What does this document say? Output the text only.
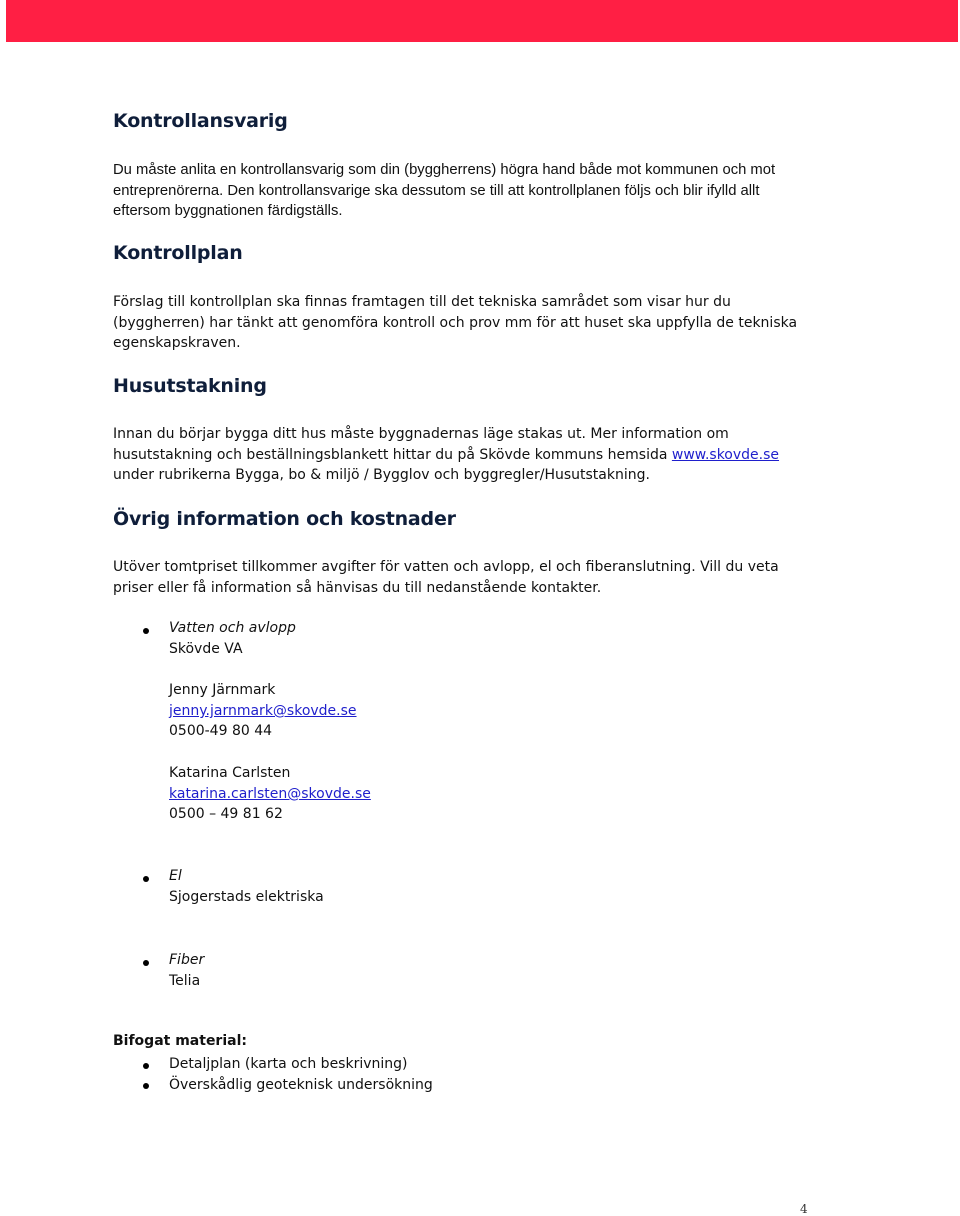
Kontrollansvarig

Du måste anlita en kontrollansvarig som din (byggherrens) högra hand både mot kommunen och mot entreprenörerna. Den kontrollansvarige ska dessutom se till att kontrollplanen följs och blir ifylld allt eftersom byggnationen färdigställs.

Kontrollplan

Förslag till kontrollplan ska finnas framtagen till det tekniska samrådet som visar hur du (byggherren) har tänkt att genomföra kontroll och prov mm för att huset ska uppfylla de tekniska egenskapskraven.

Husutstakning

Innan du börjar bygga ditt hus måste byggnadernas läge stakas ut. Mer information om husutstakning och beställningsblankett hittar du på Skövde kommuns hemsida www.skovde.se under rubrikerna Bygga, bo & miljö / Bygglov och byggregler/Husutstakning.

Övrig information och kostnader

Utöver tomtpriset tillkommer avgifter för vatten och avlopp, el och fiberanslutning. Vill du veta priser eller få information så hänvisas du till nedanstående kontakter.

Vatten och avlopp
Skövde VA
Jenny Järnmark
jenny.jarnmark@skovde.se
0500-49 80 44
Katarina Carlsten
katarina.carlsten@skovde.se
0500 – 49 81 62
El
Sjogerstads elektriska
Fiber
Telia
Bifogat material:
Detaljplan (karta och beskrivning)
Överskådlig geoteknisk undersökning
4
